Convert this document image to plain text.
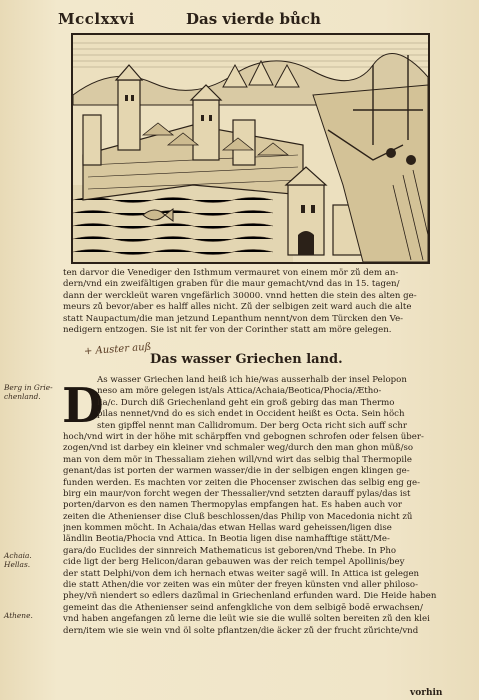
Mcclxxvi	Das vierde bůch
ten darvor die Venediger den Isthmum vermauret von einem mör zů dem an-
dern/vnd ein zweifältigen graben für die maur gemacht/vnd das in 15. tagen/
dann der werckleüt waren vngefärlich 30000. vnnd hetten die stein des alten ge-
meurs zů bevor/aber es halff alles nicht. Zů der selbigen zeit ward auch die alte
statt Naupactum/die man jetzund Lepanthum nennt/von dem Türcken den Ve-
nedigern entzogen. Sie ist nit fer von der Corinther statt am möre gelegen.
+ Auster auß
Das wasser Griechen land.
D
As wasser Griechen land heiß ich hie/was ausserhalb der insel Pelopon
neso am möre gelegen ist/als Attica/Achaia/Beotica/Phocia/Ætho-
lia/c. Durch diß Griechenland geht ein groß gebirg das man Thermo
pilas nennet/vnd do es sich endet in Occident heißt es Octa. Sein höch
sten gipffel nennt man Callidromum. Der berg Octa richt sich auff schr
hoch/vnd wirt in der höhe mit schärpffen vnd gebognen schrofen oder felsen über-
zogen/vnd ist darbey ein kleiner vnd schmaler weg/durch den man ghon müß/so
man von dem mör in Thessaliam ziehen will/vnd wirt das selbig thal Thermopile
genant/das ist porten der warmen wasser/die in der selbigen engen klingen ge-
funden werden. Es machten vor zeiten die Phocenser zwischen das selbig eng ge-
birg ein maur/von forcht wegen der Thessalier/vnd setzten darauff pylas/das ist
porten/darvon es den namen Thermopylas empfangen hat. Es haben auch vor
zeiten die Athenienser dise Cluß beschlossen/das Philip von Macedonia nicht zů
jnen kommen möcht. In Achaia/das etwan Hellas ward geheissen/ligen dise
ländlin Beotia/Phocia vnd Attica. In Beotia ligen dise namhafftige stätt/Me-
gara/do Euclides der sinnreich Mathematicus ist geboren/vnd Thebe. In Pho
cide ligt der berg Helicon/daran gebauwen was der reich tempel Apollinis/bey
der statt Delphi/von dem ich hernach etwas weiter sagë will. In Attica ist gelegen
die statt Athen/die vor zeiten was ein mûter der freyen künsten vnd aller philoso-
phey/vñ niendert so edlers dazůmal in Griechenland erfunden ward. Die Heide haben
gemeint das die Athenienser seind anfengkliche von dem selbigē bodē erwachsen/
vnd haben angefangen zů lerne die leüt wie sie die wullë solten bereiten zů den klei
dern/item wie sie wein vnd öl solte pflantzen/die äcker zů der frucht zůrichte/vnd
Berg in Grie-
chenland.
Achaia.
Hellas.
Athene.
vorhin
